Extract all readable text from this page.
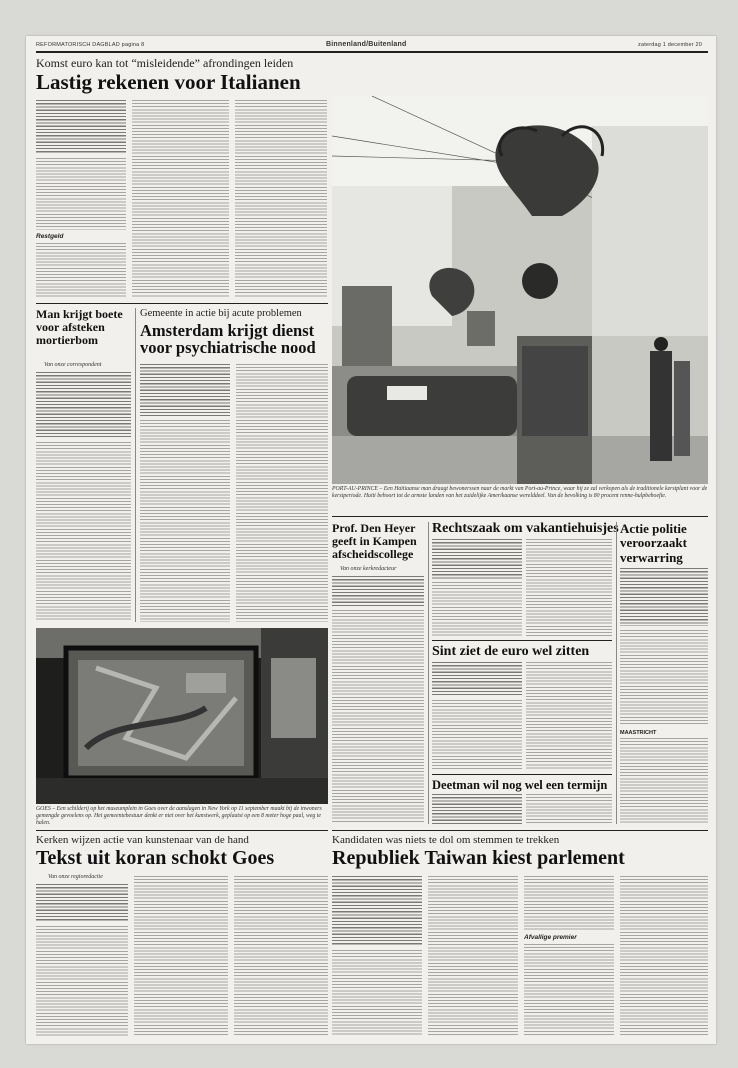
REFORMATORISCH DAGBLAD pagina 8	Binnenland/Buitenland	zaterdag 1 december 20
Komst euro kan tot “misleidende” afrondingen leiden
Lastig rekenen voor Italianen
Restgeld
Man krijgt boete voor afsteken mortierbom
Van onze correspondent
Gemeente in actie bij acute problemen
Amsterdam krijgt dienst voor psychiatrische nood
PORT-AU-PRINCE – Een Haïtiaanse man draagt bewonerssen naar de markt van Port-au-Prince, waar hij ze zal verkopen als de traditionele kerstplant voor de kerstperiode. Haiti behoort tot de armste landen van het zuidelijke Amerikaanse werelddeel. Van de bevolking is 80 procent renne-hulpbehoefte.
Prof. Den Heyer geeft in Kampen afscheidscollege
Van onze kerkredacteur
Rechtszaak om vakantiehuisjes
Sint ziet de euro wel zitten
Deetman wil nog wel een termijn
Actie politie veroorzaakt verwarring
MAASTRICHT
GOES – Een schilderij op het museumplein in Goes over de aanslagen in New York op 11 september maakt bij de inwoners gemengde gevoelens op. Het gemeentebestuur denkt er niet over het kunstwerk, geplaatst op een 8 meter hoge paal, weg te halen.
Kerken wijzen actie van kunstenaar van de hand
Tekst uit koran schokt Goes
Van onze regioredactie
Kandidaten was niets te dol om stemmen te trekken
Republiek Taiwan kiest parlement
Afvallige premier
